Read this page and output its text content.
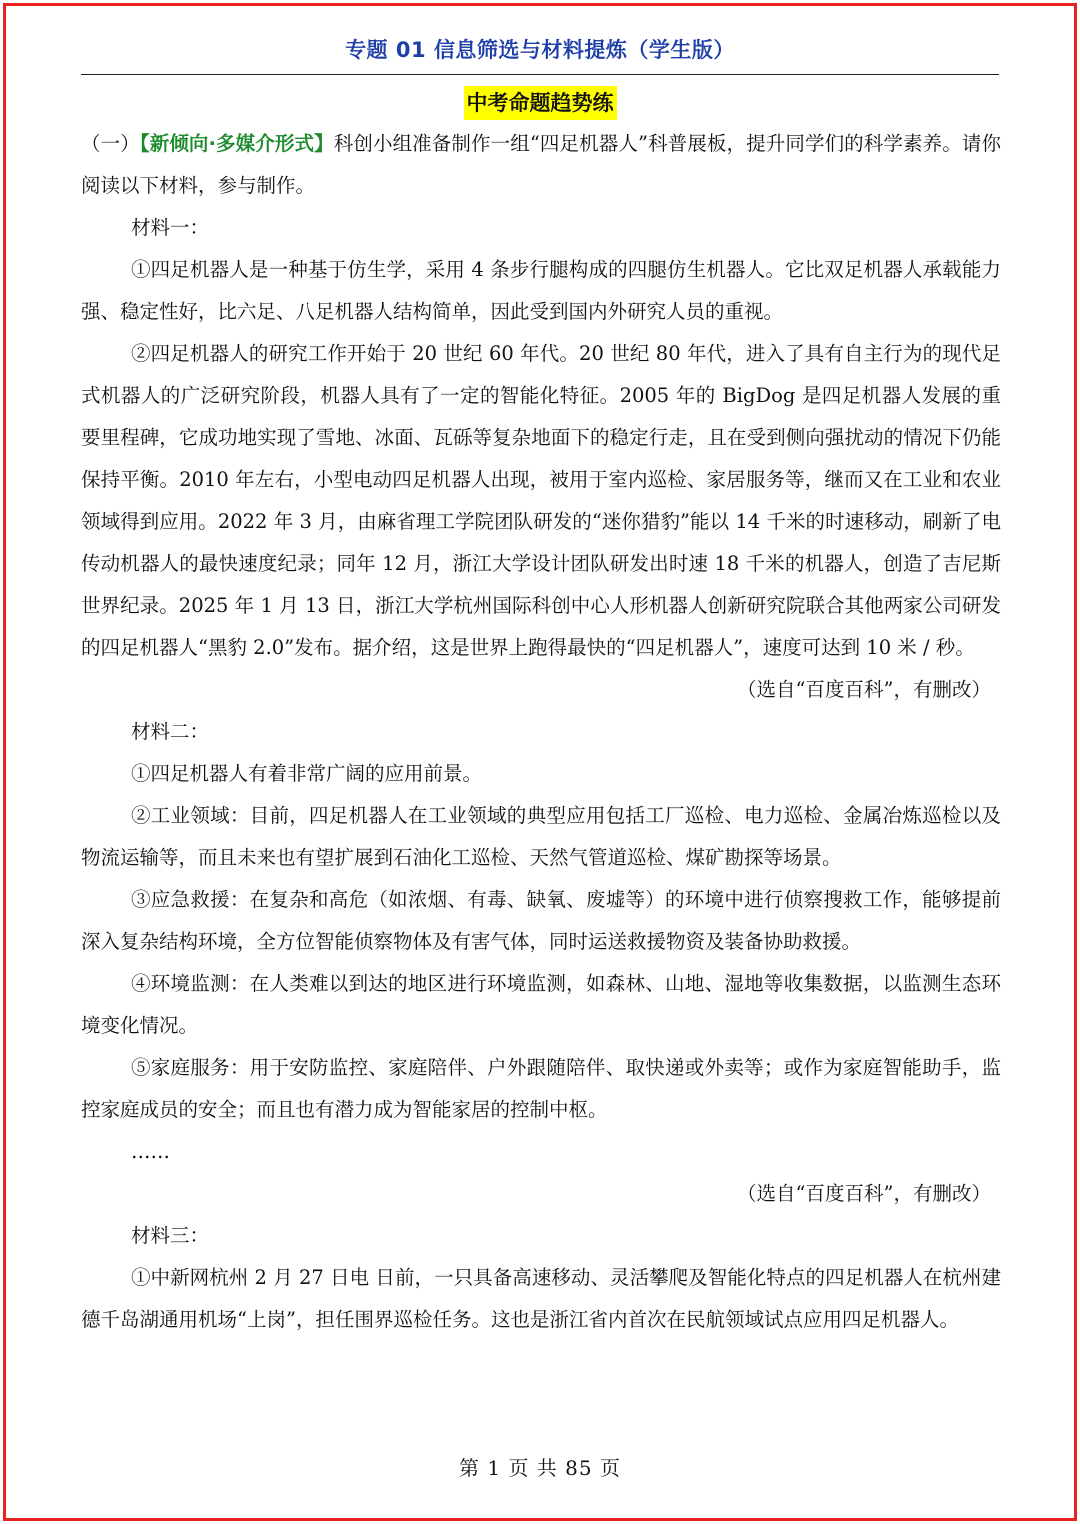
专题 01 信息筛选与材料提炼（学生版）
中考命题趋势练

（一）【新倾向·多媒介形式】科创小组准备制作一组“四足机器人”科普展板，提升同学们的科学素养。请你阅读以下材料，参与制作。

材料一：

①四足机器人是一种基于仿生学，采用 4 条步行腿构成的四腿仿生机器人。它比双足机器人承载能力强、稳定性好，比六足、八足机器人结构简单，因此受到国内外研究人员的重视。

②四足机器人的研究工作开始于 20 世纪 60 年代。20 世纪 80 年代，进入了具有自主行为的现代足式机器人的广泛研究阶段，机器人具有了一定的智能化特征。2005 年的 BigDog 是四足机器人发展的重要里程碑，它成功地实现了雪地、冰面、瓦砾等复杂地面下的稳定行走，且在受到侧向强扰动的情况下仍能保持平衡。2010 年左右，小型电动四足机器人出现，被用于室内巡检、家居服务等，继而又在工业和农业领域得到应用。2022 年 3 月，由麻省理工学院团队研发的“迷你猎豹”能以 14 千米的时速移动，刷新了电传动机器人的最快速度纪录；同年 12 月，浙江大学设计团队研发出时速 18 千米的机器人，创造了吉尼斯世界纪录。2025 年 1 月 13 日，浙江大学杭州国际科创中心人形机器人创新研究院联合其他两家公司研发的四足机器人“黑豹 2.0”发布。据介绍，这是世界上跑得最快的“四足机器人”，速度可达到 10 米 / 秒。

（选自“百度百科”，有删改）

材料二：

①四足机器人有着非常广阔的应用前景。

②工业领域：目前，四足机器人在工业领域的典型应用包括工厂巡检、电力巡检、金属冶炼巡检以及物流运输等，而且未来也有望扩展到石油化工巡检、天然气管道巡检、煤矿勘探等场景。

③应急救援：在复杂和高危（如浓烟、有毒、缺氧、废墟等）的环境中进行侦察搜救工作，能够提前深入复杂结构环境，全方位智能侦察物体及有害气体，同时运送救援物资及装备协助救援。

④环境监测：在人类难以到达的地区进行环境监测，如森林、山地、湿地等收集数据，以监测生态环境变化情况。

⑤家庭服务：用于安防监控、家庭陪伴、户外跟随陪伴、取快递或外卖等；或作为家庭智能助手，监控家庭成员的安全；而且也有潜力成为智能家居的控制中枢。

……

（选自“百度百科”，有删改）

材料三：

①中新网杭州 2 月 27 日电 日前，一只具备高速移动、灵活攀爬及智能化特点的四足机器人在杭州建德千岛湖通用机场“上岗”，担任围界巡检任务。这也是浙江省内首次在民航领域试点应用四足机器人。

第 1 页 共 85 页
